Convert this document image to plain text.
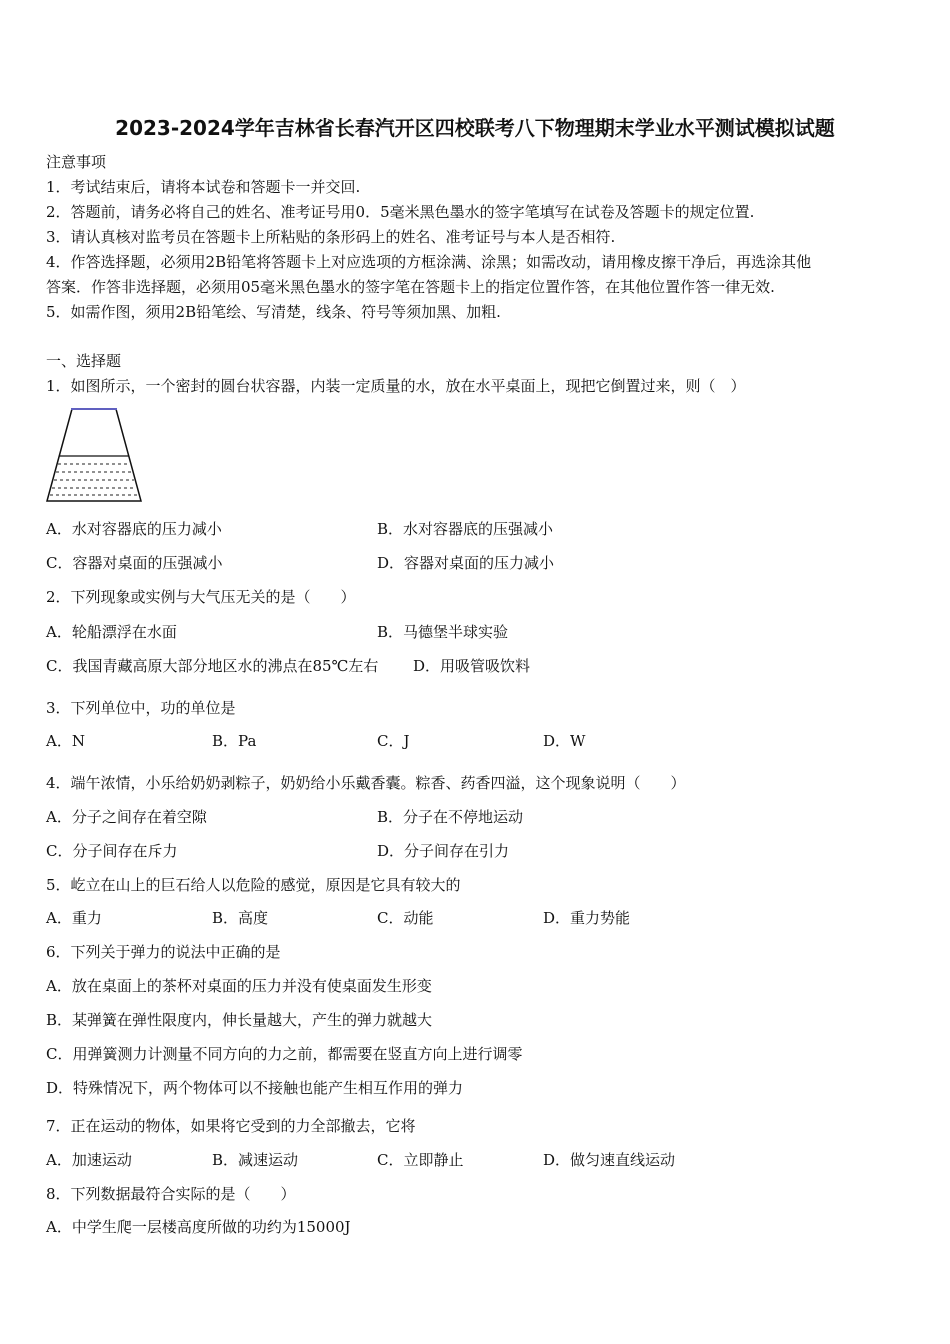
2023-2024学年吉林省长春汽开区四校联考八下物理期末学业水平测试模拟试题
注意事项
1．考试结束后，请将本试卷和答题卡一并交回.
2．答题前，请务必将自己的姓名、准考证号用0．5毫米黑色墨水的签字笔填写在试卷及答题卡的规定位置.
3．请认真核对监考员在答题卡上所粘贴的条形码上的姓名、准考证号与本人是否相符.
4．作答选择题，必须用2B铅笔将答题卡上对应选项的方框涂满、涂黑；如需改动，请用橡皮擦干净后，再选涂其他
答案．作答非选择题，必须用05毫米黑色墨水的签字笔在答题卡上的指定位置作答，在其他位置作答一律无效.
5．如需作图，须用2B铅笔绘、写清楚，线条、符号等须加黑、加粗.
一、选择题
1．如图所示，一个密封的圆台状容器，内装一定质量的水，放在水平桌面上，现把它倒置过来，则（　）
A．水对容器底的压力减小	B．水对容器底的压强减小
C．容器对桌面的压强减小	D．容器对桌面的压力减小
2．下列现象或实例与大气压无关的是（　　）
A．轮船漂浮在水面	B．马德堡半球实验
C．我国青藏高原大部分地区水的沸点在85℃左右 D．用吸管吸饮料
3．下列单位中，功的单位是
A．N	B．Pa	C．J	D．W
4．端午浓情，小乐给奶奶剥粽子，奶奶给小乐戴香囊。粽香、药香四溢，这个现象说明（　　）
A．分子之间存在着空隙	B．分子在不停地运动
C．分子间存在斥力	D．分子间存在引力
5．屹立在山上的巨石给人以危险的感觉，原因是它具有较大的
A．重力	B．高度	C．动能	D．重力势能
6．下列关于弹力的说法中正确的是
A．放在桌面上的茶杯对桌面的压力并没有使桌面发生形变
B．某弹簧在弹性限度内，伸长量越大，产生的弹力就越大
C．用弹簧测力计测量不同方向的力之前，都需要在竖直方向上进行调零
D．特殊情况下，两个物体可以不接触也能产生相互作用的弹力
7．正在运动的物体，如果将它受到的力全部撤去，它将
A．加速运动	B．减速运动	C．立即静止	D．做匀速直线运动
8．下列数据最符合实际的是（　　）
A．中学生爬一层楼高度所做的功约为15000J
